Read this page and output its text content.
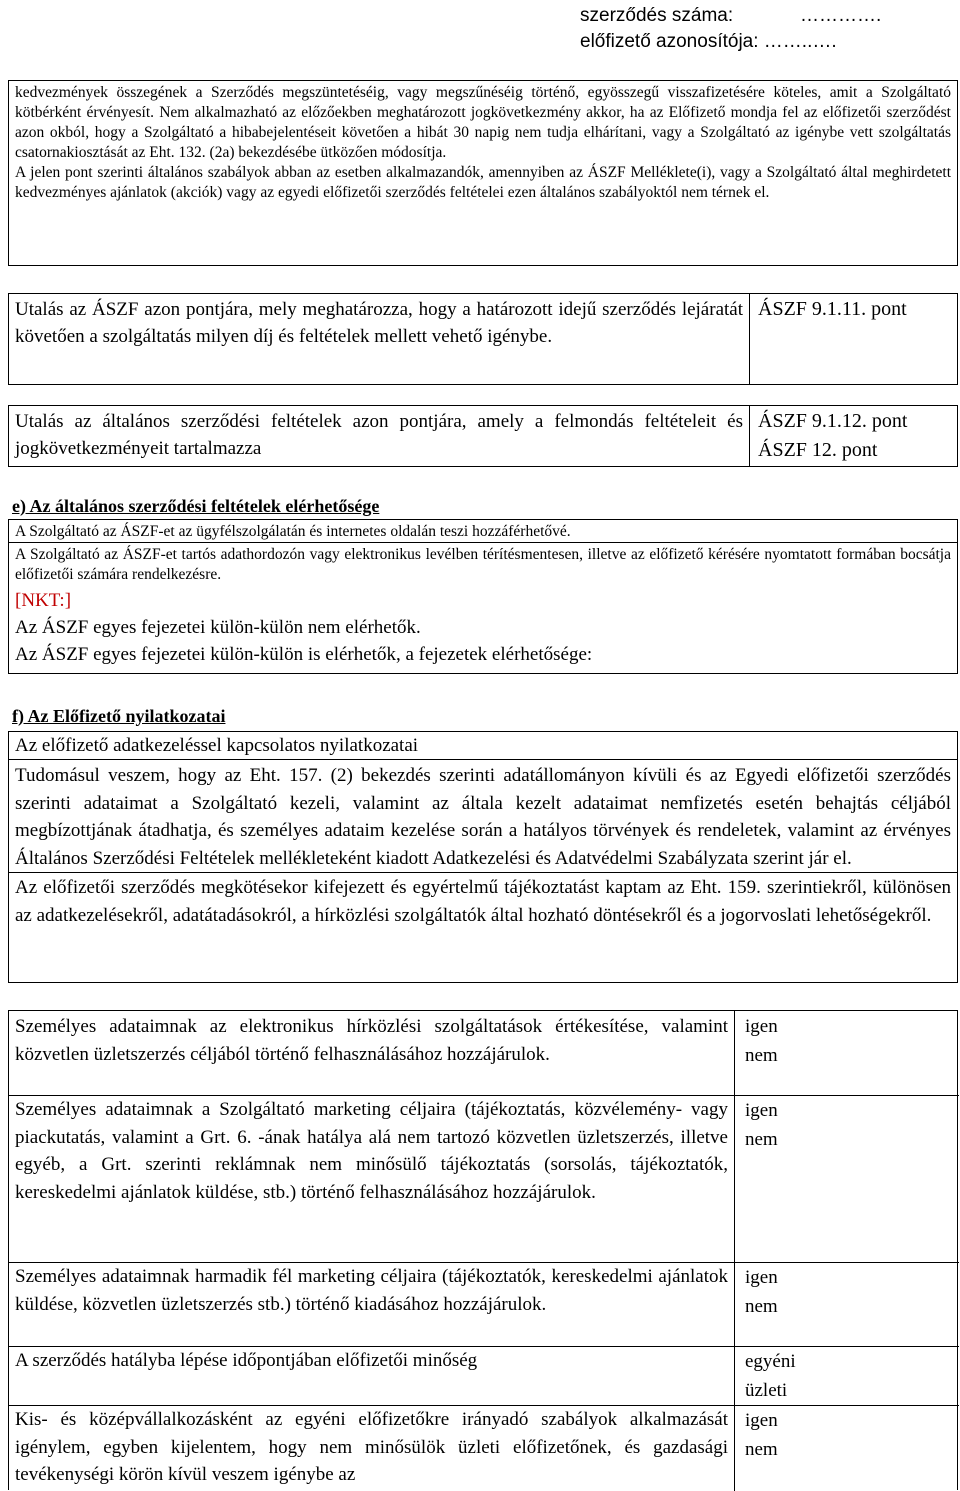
szerződés száma:	………….
előfizető azonosítója: ……..….

kedvezmények összegének a Szerződés megszüntetéséig, vagy megszűnéséig történő, egyösszegű visszafizetésére köteles, amit a Szolgáltató kötbérként érvényesít. Nem alkalmazható az előzőekben meghatározott jogkövetkezmény akkor, ha az Előfizető mondja fel az előfizetői szerződést azon okból, hogy a Szolgáltató a hibabejelentéseit követően a hibát 30 napig nem tudja elhárítani, vagy a Szolgáltató az igénybe vett szolgáltatás csatornakiosztását az Eht. 132. (2a) bekezdésébe ütközően módosítja.

A jelen pont szerinti általános szabályok abban az esetben alkalmazandók, amennyiben az ÁSZF Melléklete(i), vagy a Szolgáltató által meghirdetett kedvezményes ajánlatok (akciók) vagy az egyedi előfizetői szerződés feltételei ezen általános szabályoktól nem térnek el.

Utalás az ÁSZF azon pontjára, mely meghatározza, hogy a határozott idejű szerződés lejáratát követően a szolgáltatás milyen díj és feltételek mellett vehető igénybe.

ÁSZF 9.1.11. pont

Utalás az általános szerződési feltételek azon pontjára, amely a felmondás feltételeit és jogkövetkezményeit tartalmazza

ÁSZF 9.1.12. pont

ÁSZF 12. pont

e) Az általános szerződési feltételek elérhetősége

A Szolgáltató az ÁSZF-et az ügyfélszolgálatán és internetes oldalán teszi hozzáférhetővé.

A Szolgáltató az ÁSZF-et tartós adathordozón vagy elektronikus levélben térítésmentesen, illetve az előfizető kérésére nyomtatott formában bocsátja előfizetői számára rendelkezésre.

[NKT:]

Az ÁSZF egyes fejezetei külön-külön nem elérhetők.

Az ÁSZF egyes fejezetei külön-külön is elérhetők, a fejezetek elérhetősége:

f) Az Előfizető nyilatkozatai

Az előfizető adatkezeléssel kapcsolatos nyilatkozatai

Tudomásul veszem, hogy az Eht. 157. (2) bekezdés szerinti adatállományon kívüli és az Egyedi előfizetői szerződés szerinti adataimat a Szolgáltató kezeli, valamint az általa kezelt adataimat nemfizetés esetén behajtás céljából megbízottjának átadhatja, és személyes adataim kezelése során a hatályos törvények és rendeletek, valamint az érvényes Általános Szerződési Feltételek mellékleteként kiadott Adatkezelési és Adatvédelmi Szabályzata szerint jár el.

Az előfizetői szerződés megkötésekor kifejezett és egyértelmű tájékoztatást kaptam az Eht. 159. szerintiekről, különösen az adatkezelésekről, adatátadásokról, a hírközlési szolgáltatók által hozható döntésekről és a jogorvoslati lehetőségekről.

Személyes adataimnak az elektronikus hírközlési szolgáltatások értékesítése, valamint közvetlen üzletszerzés céljából történő felhasználásához hozzájárulok.

igen
nem

Személyes adataimnak a Szolgáltató marketing céljaira (tájékoztatás, közvélemény- vagy piackutatás, valamint a Grt. 6. -ának hatálya alá nem tartozó közvetlen üzletszerzés, illetve egyéb, a Grt. szerinti reklámnak nem minősülő tájékoztatás (sorsolás, tájékoztatók, kereskedelmi ajánlatok küldése, stb.) történő felhasználásához hozzájárulok.

igen
nem

Személyes adataimnak harmadik fél marketing céljaira (tájékoztatók, kereskedelmi ajánlatok küldése, közvetlen üzletszerzés stb.) történő kiadásához hozzájárulok.

igen
nem

A szerződés hatályba lépése időpontjában előfizetői minőség	egyéni
üzleti

Kis- és középvállalkozásként az egyéni előfizetőkre irányadó szabályok alkalmazását igénylem, egyben kijelentem, hogy nem minősülök üzleti előfizetőnek, és gazdasági tevékenységi körön kívül veszem igénybe az

igen
nem
